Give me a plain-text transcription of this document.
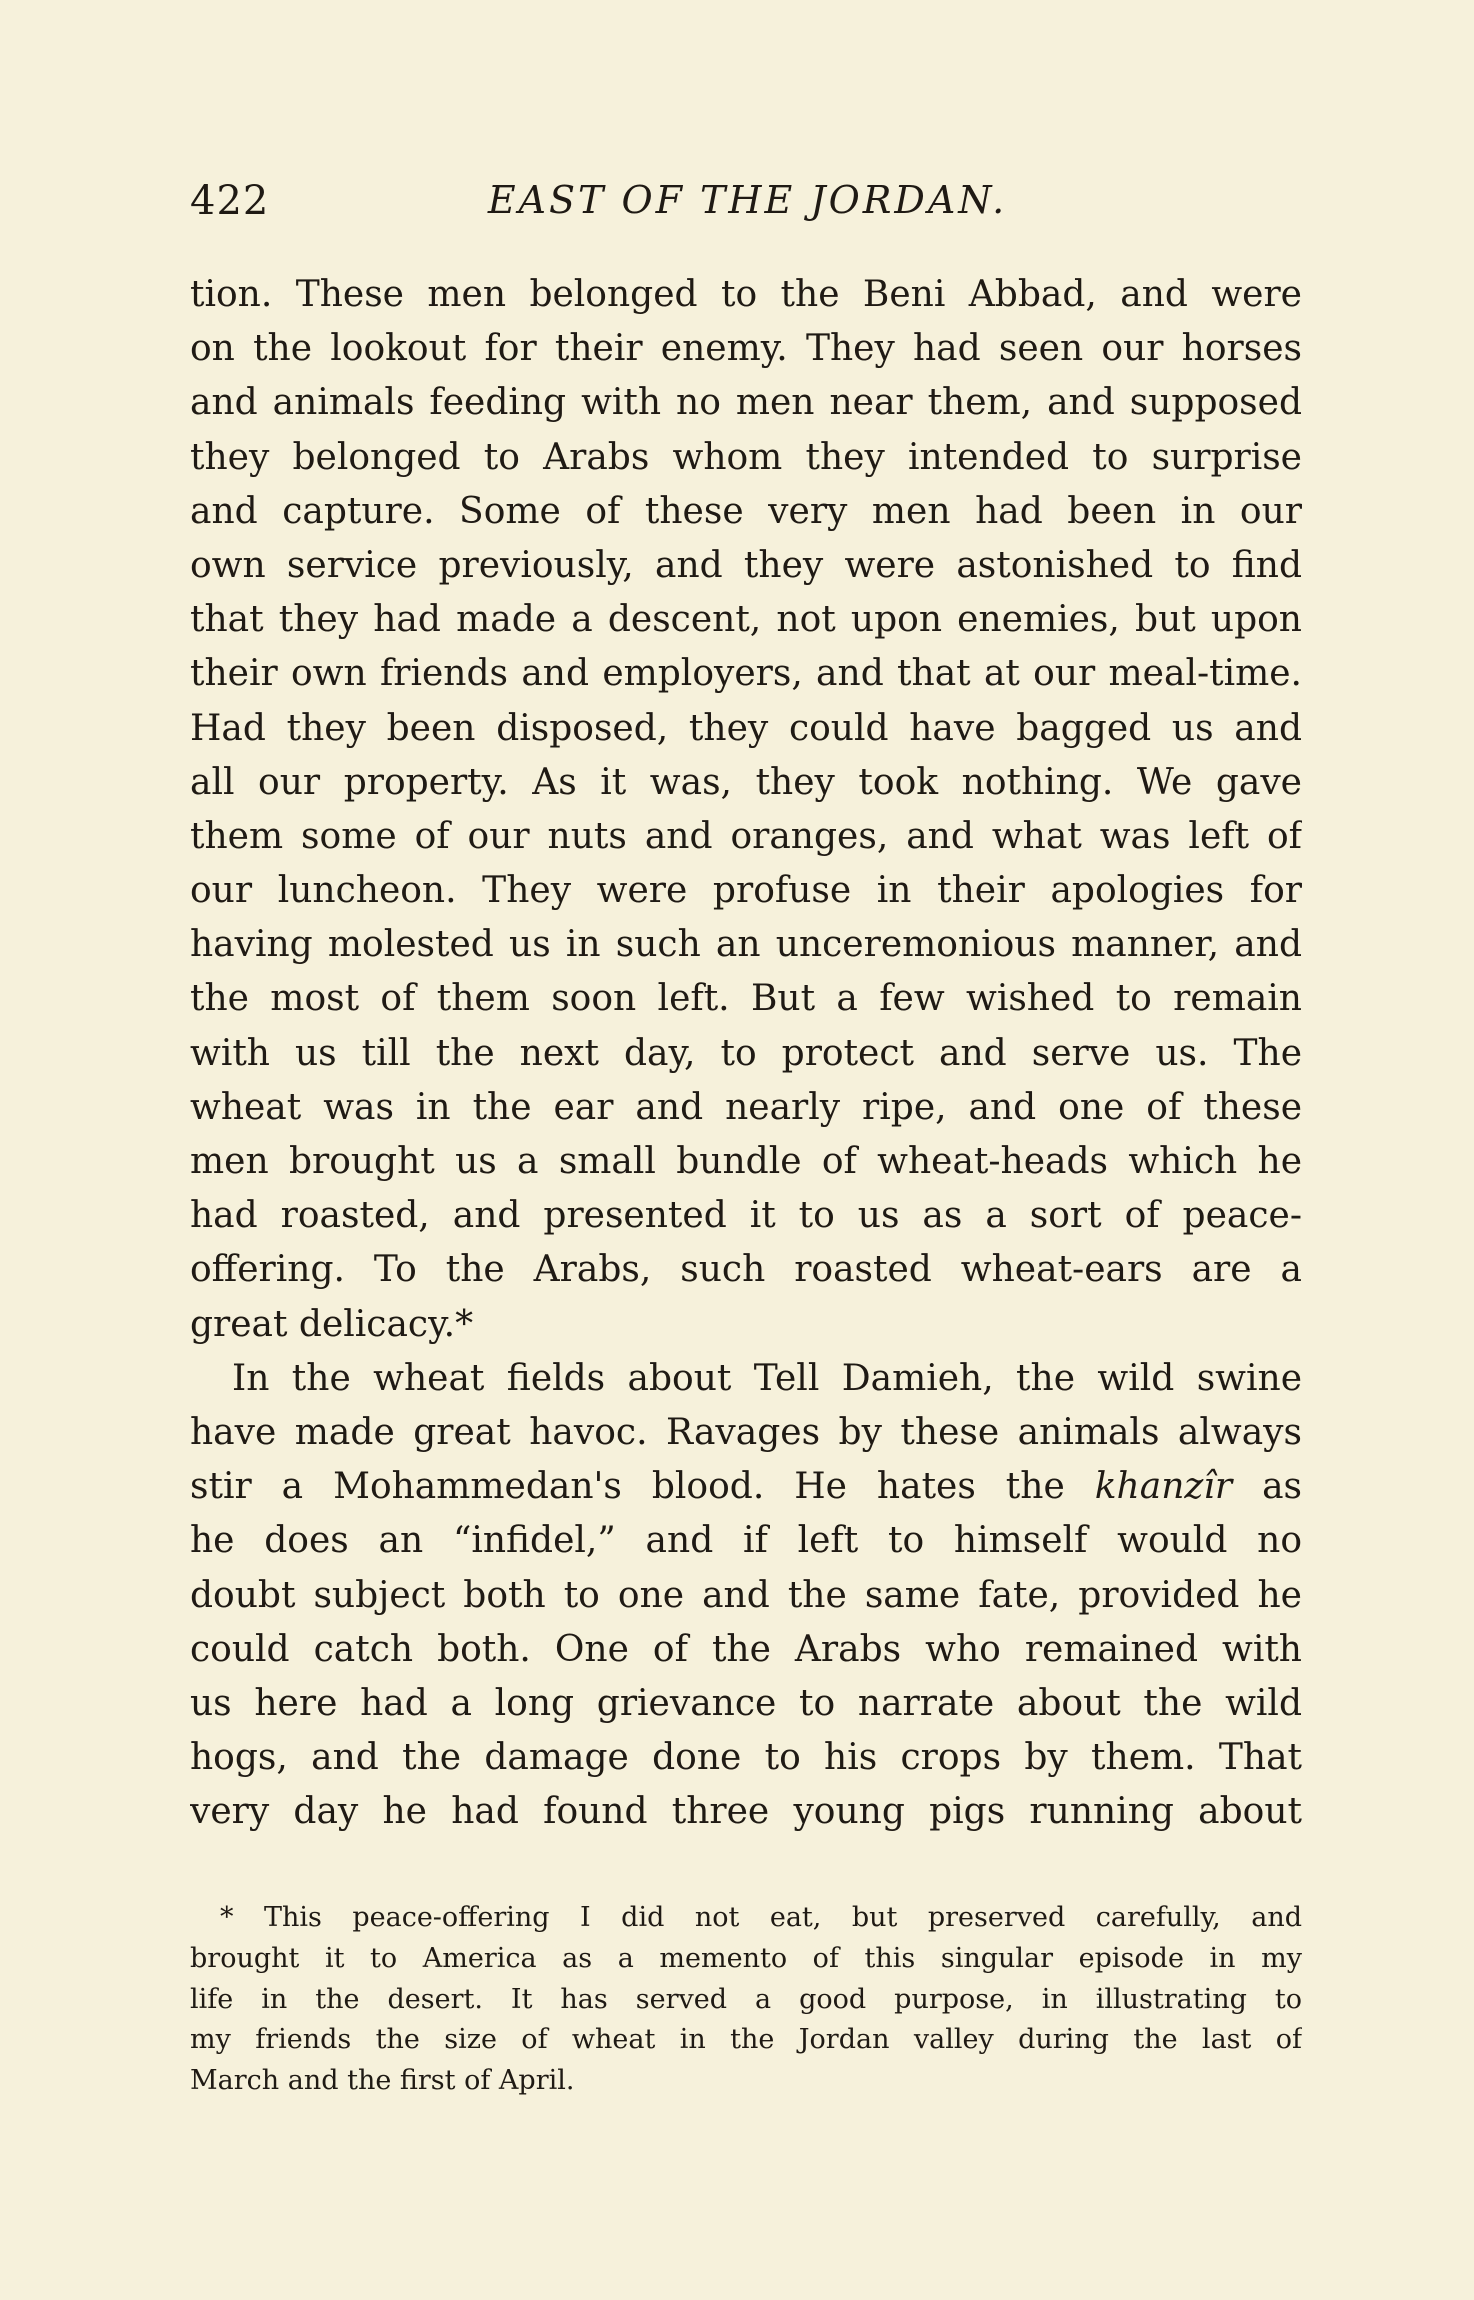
422	EAST OF THE JORDAN.
tion. These men belonged to the Beni Abbad, and were
on the lookout for their enemy. They had seen our horses
and animals feeding with no men near them, and supposed
they belonged to Arabs whom they intended to surprise
and capture. Some of these very men had been in our
own service previously, and they were astonished to find
that they had made a descent, not upon enemies, but upon
their own friends and employers, and that at our meal-time.
Had they been disposed, they could have bagged us and
all our property. As it was, they took nothing. We gave
them some of our nuts and oranges, and what was left of
our luncheon. They were profuse in their apologies for
having molested us in such an unceremonious manner, and
the most of them soon left. But a few wished to remain
with us till the next day, to protect and serve us. The
wheat was in the ear and nearly ripe, and one of these
men brought us a small bundle of wheat-heads which he
had roasted, and presented it to us as a sort of peace-
offering. To the Arabs, such roasted wheat-ears are a
great delicacy.*
In the wheat fields about Tell Damieh, the wild swine
have made great havoc. Ravages by these animals always
stir a Mohammedan's blood. He hates the khanzîr as
he does an “infidel,” and if left to himself would no
doubt subject both to one and the same fate, provided he
could catch both. One of the Arabs who remained with
us here had a long grievance to narrate about the wild
hogs, and the damage done to his crops by them. That
very day he had found three young pigs running about
* This peace-offering I did not eat, but preserved carefully, and
brought it to America as a memento of this singular episode in my
life in the desert. It has served a good purpose, in illustrating to
my friends the size of wheat in the Jordan valley during the last of
March and the first of April.
